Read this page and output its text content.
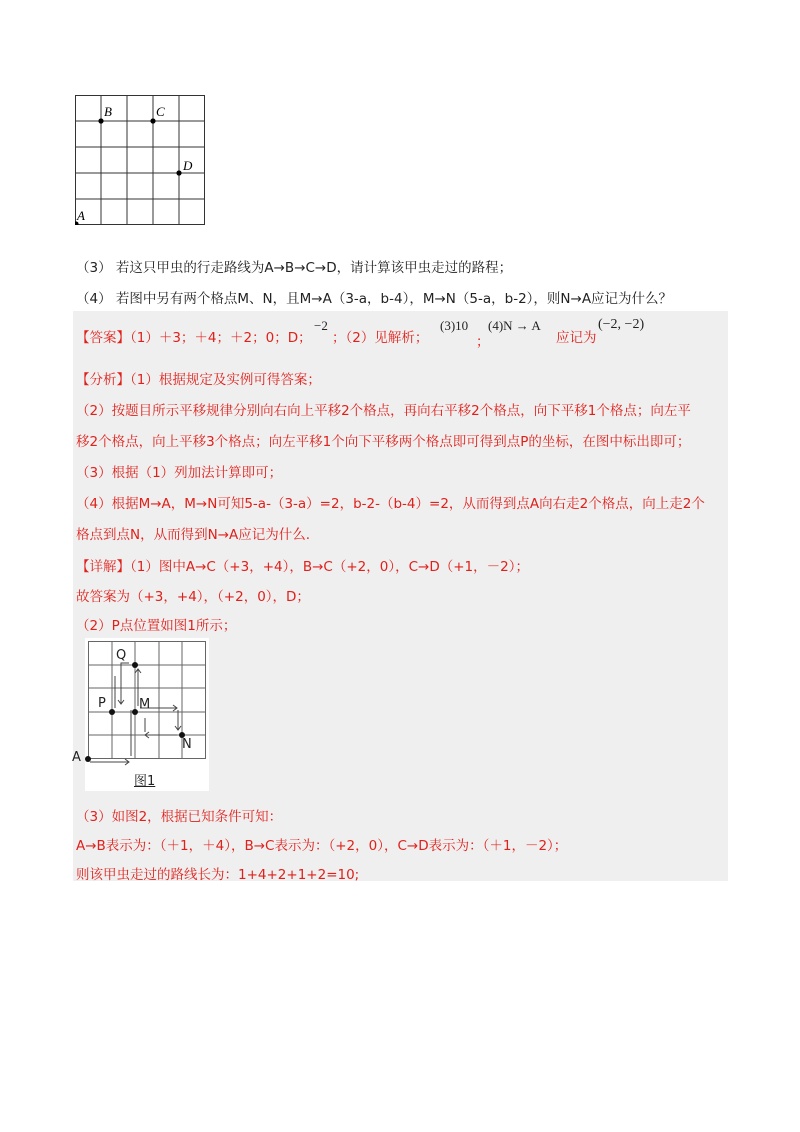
B	C
D
A
（3） 若这只甲虫的行走路线为A→B→C→D，请计算该甲虫走过的路程；
（4） 若图中另有两个格点M、N，且M→A（3-a，b-4），M→N（5-a，b-2），则N→A应记为什么？
【答案】（1）＋3；＋4；＋2；0；D；
−2
；（2）见解析；
(3)10
；
(4)N → A
应记为
(−2, −2)
【分析】（1）根据规定及实例可得答案；
（2）按题目所示平移规律分别向右向上平移2个格点，再向右平移2个格点，向下平移1个格点；向左平
移2个格点，向上平移3个格点；向左平移1个向下平移两个格点即可得到点P的坐标，在图中标出即可；
（3）根据（1）列加法计算即可；
（4）根据M→A，M→N可知5-a-（3-a）=2，b-2-（b-4）=2，从而得到点A向右走2个格点，向上走2个
格点到点N，从而得到N→A应记为什么.
【详解】（1）图中A→C（+3，+4），B→C（+2，0），C→D（+1，－2）；
故答案为（+3，+4），（+2，0），D；
（2）P点位置如图1所示；
Q
P	M
N
A
图1
（3）如图2，根据已知条件可知：
A→B表示为：（＋1，＋4），B→C表示为：（+2，0），C→D表示为：（＋1，－2）；
则该甲虫走过的路线长为：1+4+2+1+2=10;
